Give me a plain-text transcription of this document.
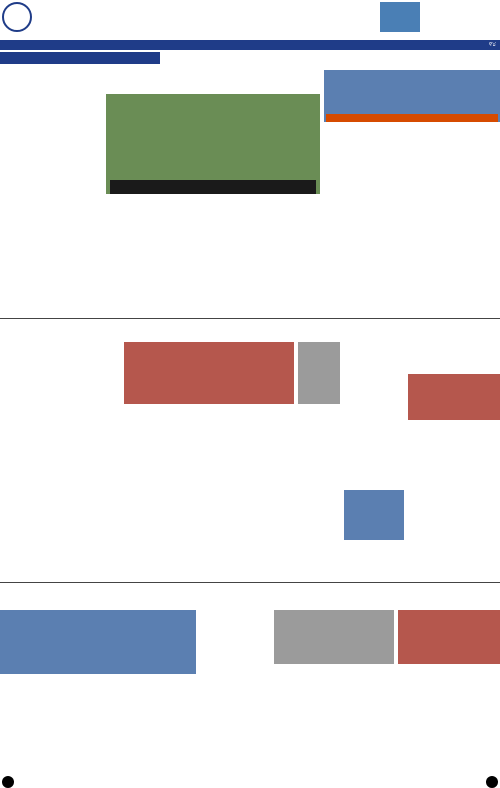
୧୪
